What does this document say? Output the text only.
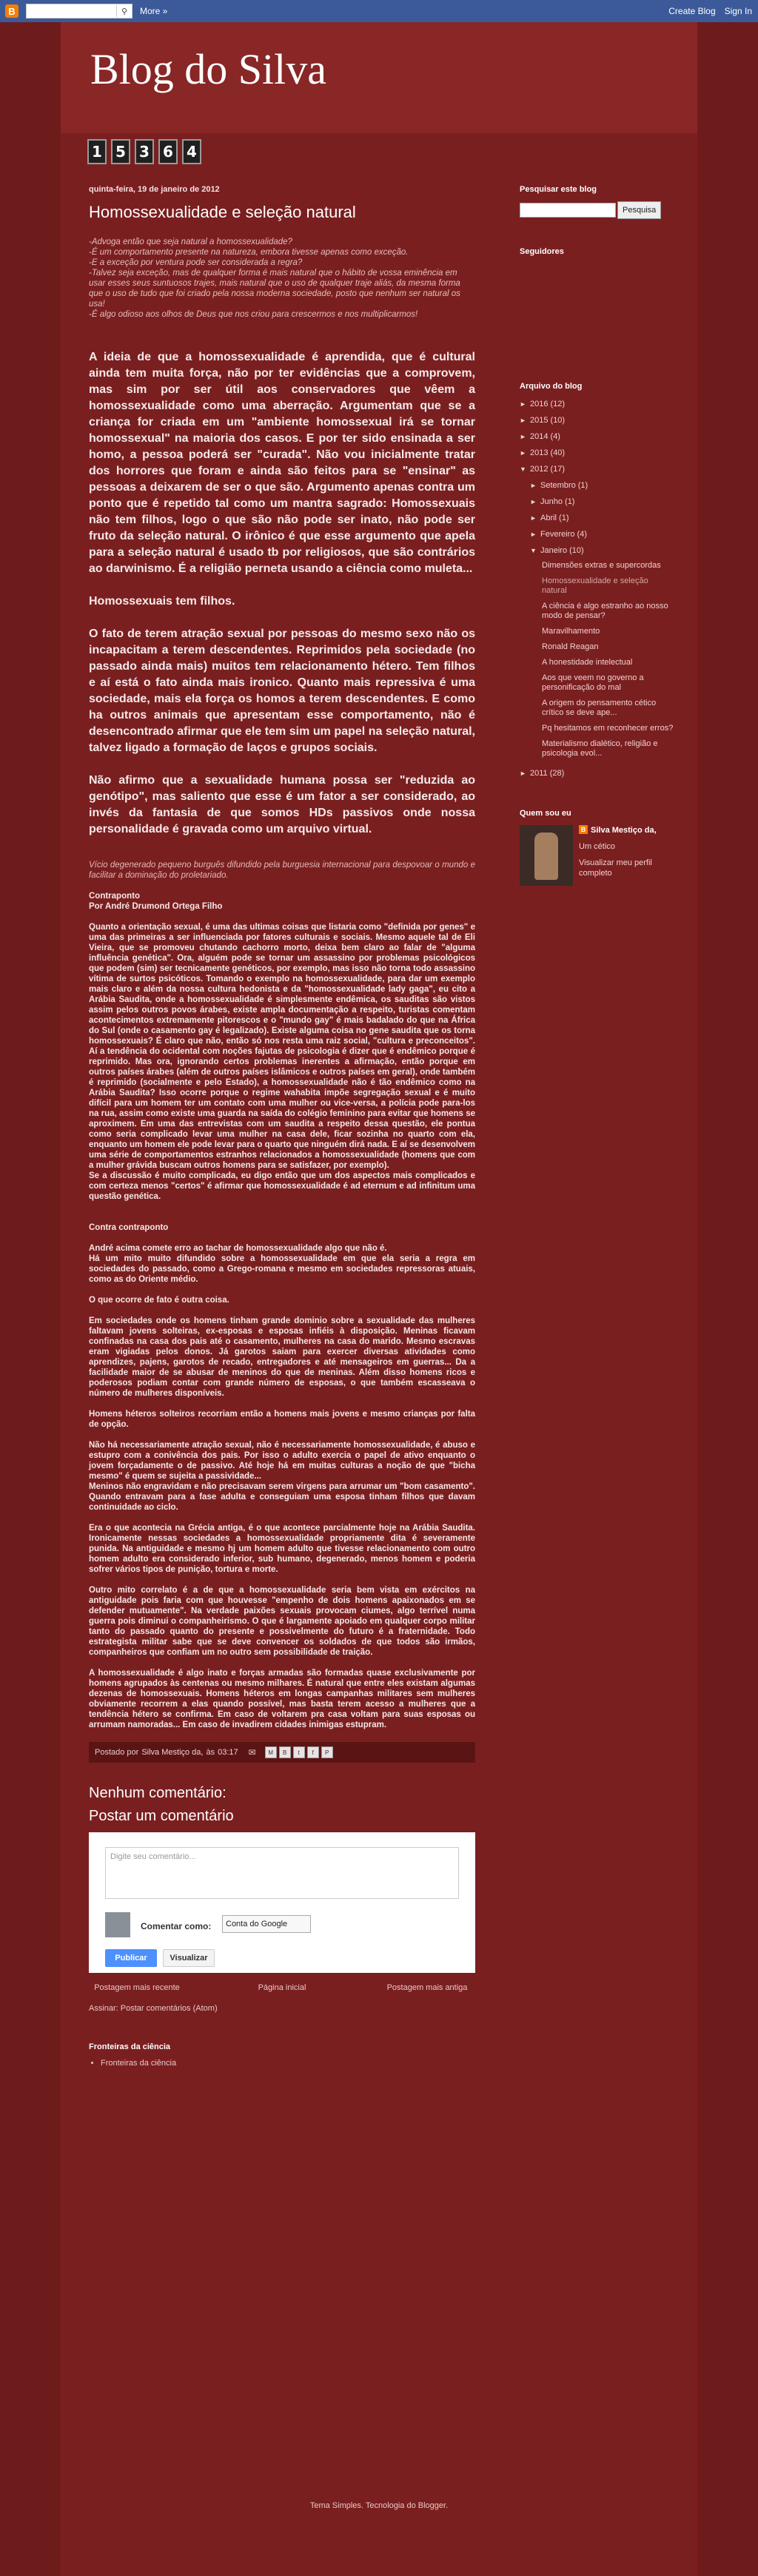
B	⚲	More »	Create Blog Sign In
Blog do Silva
1 5 3 6 4
quinta-feira, 19 de janeiro de 2012
Homossexualidade e seleção natural

-Advoga então que seja natural a homossexualidade?

-É um comportamento presente na natureza, embora tivesse apenas como exceção.

-E a exceção por ventura pode ser considerada a regra?

-Talvez seja exceção, mas de qualquer forma é mais natural que o hábito de vossa eminência em usar esses seus suntuosos trajes, mais natural que o uso de qualquer traje aliás, da mesma forma que o uso de tudo que foi criado pela nossa moderna sociedade, posto que nenhum ser natural os usa!

-É algo odioso aos olhos de Deus que nos criou para crescermos e nos multiplicarmos!

A ideia de que a homossexualidade é aprendida, que é cultural ainda tem muita força, não por ter evidências que a comprovem, mas sim por ser útil aos conservadores que vêem a homossexualidade como uma aberração. Argumentam que se a criança for criada em um "ambiente homossexual irá se tornar homossexual" na maioria dos casos. E por ter sido ensinada a ser homo, a pessoa poderá ser "curada". Não vou inicialmente tratar dos horrores que foram e ainda são feitos para se "ensinar" as pessoas a deixarem de ser o que são. Argumento apenas contra um ponto que é repetido tal como um mantra sagrado: Homossexuais não tem filhos, logo o que são não pode ser inato, não pode ser fruto da seleção natural. O irônico é que esse argumento que apela para a seleção natural é usado tb por religiosos, que são contrários ao darwinismo. É a religião perneta usando a ciência como muleta...

Homossexuais tem filhos.

O fato de terem atração sexual por pessoas do mesmo sexo não os incapacitam a terem descendentes. Reprimidos pela sociedade (no passado ainda mais) muitos tem relacionamento hétero. Tem filhos e aí está o fato ainda mais ironico. Quanto mais repressiva é uma sociedade, mais ela força os homos a terem descendentes. E como ha outros animais que apresentam esse comportamento, não é desencontrado afirmar que ele tem sim um papel na seleção natural, talvez ligado a formação de laços e grupos sociais.

Não afirmo que a sexualidade humana possa ser "reduzida ao genótipo", mas saliento que esse é um fator a ser considerado, ao invés da fantasia de que somos HDs passivos onde nossa personalidade é gravada como um arquivo virtual.

Vício degenerado pequeno burguês difundido pela burguesia internacional para despovoar o mundo e facilitar a dominação do proletariado.

Contraponto
Por André Drumond Ortega Filho

Quanto a orientação sexual, é uma das ultimas coisas que listaria como "definida por genes" e uma das primeiras a ser influenciada por fatores culturais e sociais. Mesmo aquele tal de Eli Vieira, que se promoveu chutando cachorro morto, deixa bem claro ao falar de "alguma influência genética". Ora, alguém pode se tornar um assassino por problemas psicológicos que podem (sim) ser tecnicamente genéticos, por exemplo, mas isso não torna todo assassino vítima de surtos psicóticos. Tomando o exemplo na homossexualidade, para dar um exemplo mais claro e além da nossa cultura hedonista e da "homossexualidade lady gaga", eu cito a Arábia Saudita, onde a homossexualidade é simplesmente endêmica, os sauditas são vistos assim pelos outros povos árabes, existe ampla documentação a respeito, turistas comentam acontecimentos extremamente pitorescos e o "mundo gay" é mais badalado do que na África do Sul (onde o casamento gay é legalizado). Existe alguma coisa no gene saudita que os torna homossexuais? É claro que não, então só nos resta uma raiz social, "cultura e preconceitos". Aí a tendência do ocidental com noções fajutas de psicologia é dizer que é endêmico porque é reprimido. Mas ora, ignorando certos problemas inerentes a afirmação, então porque em outros países árabes (além de outros países islâmicos e outros países em geral), onde também é reprimido (socialmente e pelo Estado), a homossexualidade não é tão endêmico como na Arábia Saudita? Isso ocorre porque o regime wahabita impõe segregação sexual e é muito difícil para um homem ter um contato com uma mulher ou vice-versa, a polícia pode para-los na rua, assim como existe uma guarda na saída do colégio feminino para evitar que homens se aproximem. Em uma das entrevistas com um saudita a respeito dessa questão, ele pontua como seria complicado levar uma mulher na casa dele, ficar sozinha no quarto com ela, enquanto um homem ele pode levar para o quarto que ninguém dirá nada. E aí se desenvolvem uma série de comportamentos estranhos relacionados a homossexualidade (homens que com a mulher grávida buscam outros homens para se satisfazer, por exemplo).
Se a discussão é muito complicada, eu digo então que um dos aspectos mais complicados e com certeza menos "certos" é afirmar que homossexualidade é ad eternum e ad infinitum uma questão genética.

Contra contraponto

André acima comete erro ao tachar de homossexualidade algo que não é.
Há um mito muito difundido sobre a homossexualidade em que ela seria a regra em sociedades do passado, como a Grego-romana e mesmo em sociedades repressoras atuais, como as do Oriente médio.

O que ocorre de fato é outra coisa.

Em sociedades onde os homens tinham grande dominio sobre a sexualidade das mulheres faltavam jovens solteiras, ex-esposas e esposas infiéis à disposição. Meninas ficavam confinadas na casa dos pais até o casamento, mulheres na casa do marido. Mesmo escravas eram vigiadas pelos donos. Já garotos saiam para exercer diversas atividades como aprendizes, pajens, garotos de recado, entregadores e até mensageiros em guerras... Da a facilidade maior de se abusar de meninos do que de meninas. Além disso homens ricos e poderosos podiam contar com grande número de esposas, o que também escasseava o número de mulheres disponíveis.

Homens héteros solteiros recorriam então a homens mais jovens e mesmo crianças por falta de opção.

Não há necessariamente atração sexual, não é necessariamente homossexualidade, é abuso e estupro com a conivência dos pais. Por isso o adulto exercia o papel de ativo enquanto o jovem forçadamente o de passivo. Até hoje há em muitas culturas a noção de que "bicha mesmo" é quem se sujeita a passividade...
Meninos não engravidam e não precisavam serem virgens para arrumar um "bom casamento". Quando entravam para a fase adulta e conseguiam uma esposa tinham filhos que davam continuidade ao ciclo.

Era o que acontecia na Grécia antiga, é o que acontece parcialmente hoje na Arábia Saudita. Ironicamente nessas sociedades a homossexualidade propriamente dita é severamente punida. Na antiguidade e mesmo hj um homem adulto que tivesse relacionamento com outro homem adulto era considerado inferior, sub humano, degenerado, menos homem e poderia sofrer vários tipos de punição, tortura e morte.

Outro mito correlato é a de que a homossexualidade seria bem vista em exércitos na antiguidade pois faria com que houvesse "empenho de dois homens apaixonados em se defender mutuamente". Na verdade paixões sexuais provocam ciumes, algo terrível numa guerra pois diminui o companheirismo. O que é largamente apoiado em qualquer corpo militar tanto do passado quanto do presente e possivelmente do futuro é a fraternidade. Todo estrategista militar sabe que se deve convencer os soldados de que todos são irmãos, companheiros que confiam um no outro sem possibilidade de traição.

A homossexualidade é algo inato e forças armadas são formadas quase exclusivamente por homens agrupados às centenas ou mesmo milhares. É natural que entre eles existam algumas dezenas de homossexuais. Homens héteros em longas campanhas militares sem mulheres obviamente recorrem a elas quando possível, mas basta terem acesso a mulheres que a tendência hétero se confirma. Em caso de voltarem pra casa voltam para suas esposas ou arrumam namoradas... Em caso de invadirem cidades inimigas estupram.

Postado por Silva Mestiço da, às 03:17 ✉	M	B	t	f	P
Nenhum comentário:
Postar um comentário
Digite seu comentário...
Comentar como: Conta do Google
Publicar	Visualizar
Postagem mais recente	Página inicial	Postagem mais antiga
Assinar: Postar comentários (Atom)
Fronteiras da ciência
• Fronteiras da ciência
Pesquisar este blog
Pesquisa
Seguidores
Arquivo do blog
► 2016 (12)
► 2015 (10)
► 2014 (4)
► 2013 (40)
▼ 2012 (17)
► Setembro (1)
► Junho (1)
► Abril (1)
► Fevereiro (4)
▼ Janeiro (10)
Dimensões extras e supercordas
Homossexualidade e seleção natural
A ciência é algo estranho ao nosso modo de pensar?
Maravilhamento
Ronald Reagan
A honestidade intelectual
Aos que veem no governo a personificação do mal
A origem do pensamento cético crítico se deve ape...
Pq hesitamos em reconhecer erros?
Materialismo dialético, religião e psicologia evol...
► 2011 (28)
Quem sou eu
B Silva Mestiço da,
Um cético
Visualizar meu perfil completo
Tema Simples. Tecnologia do Blogger.
